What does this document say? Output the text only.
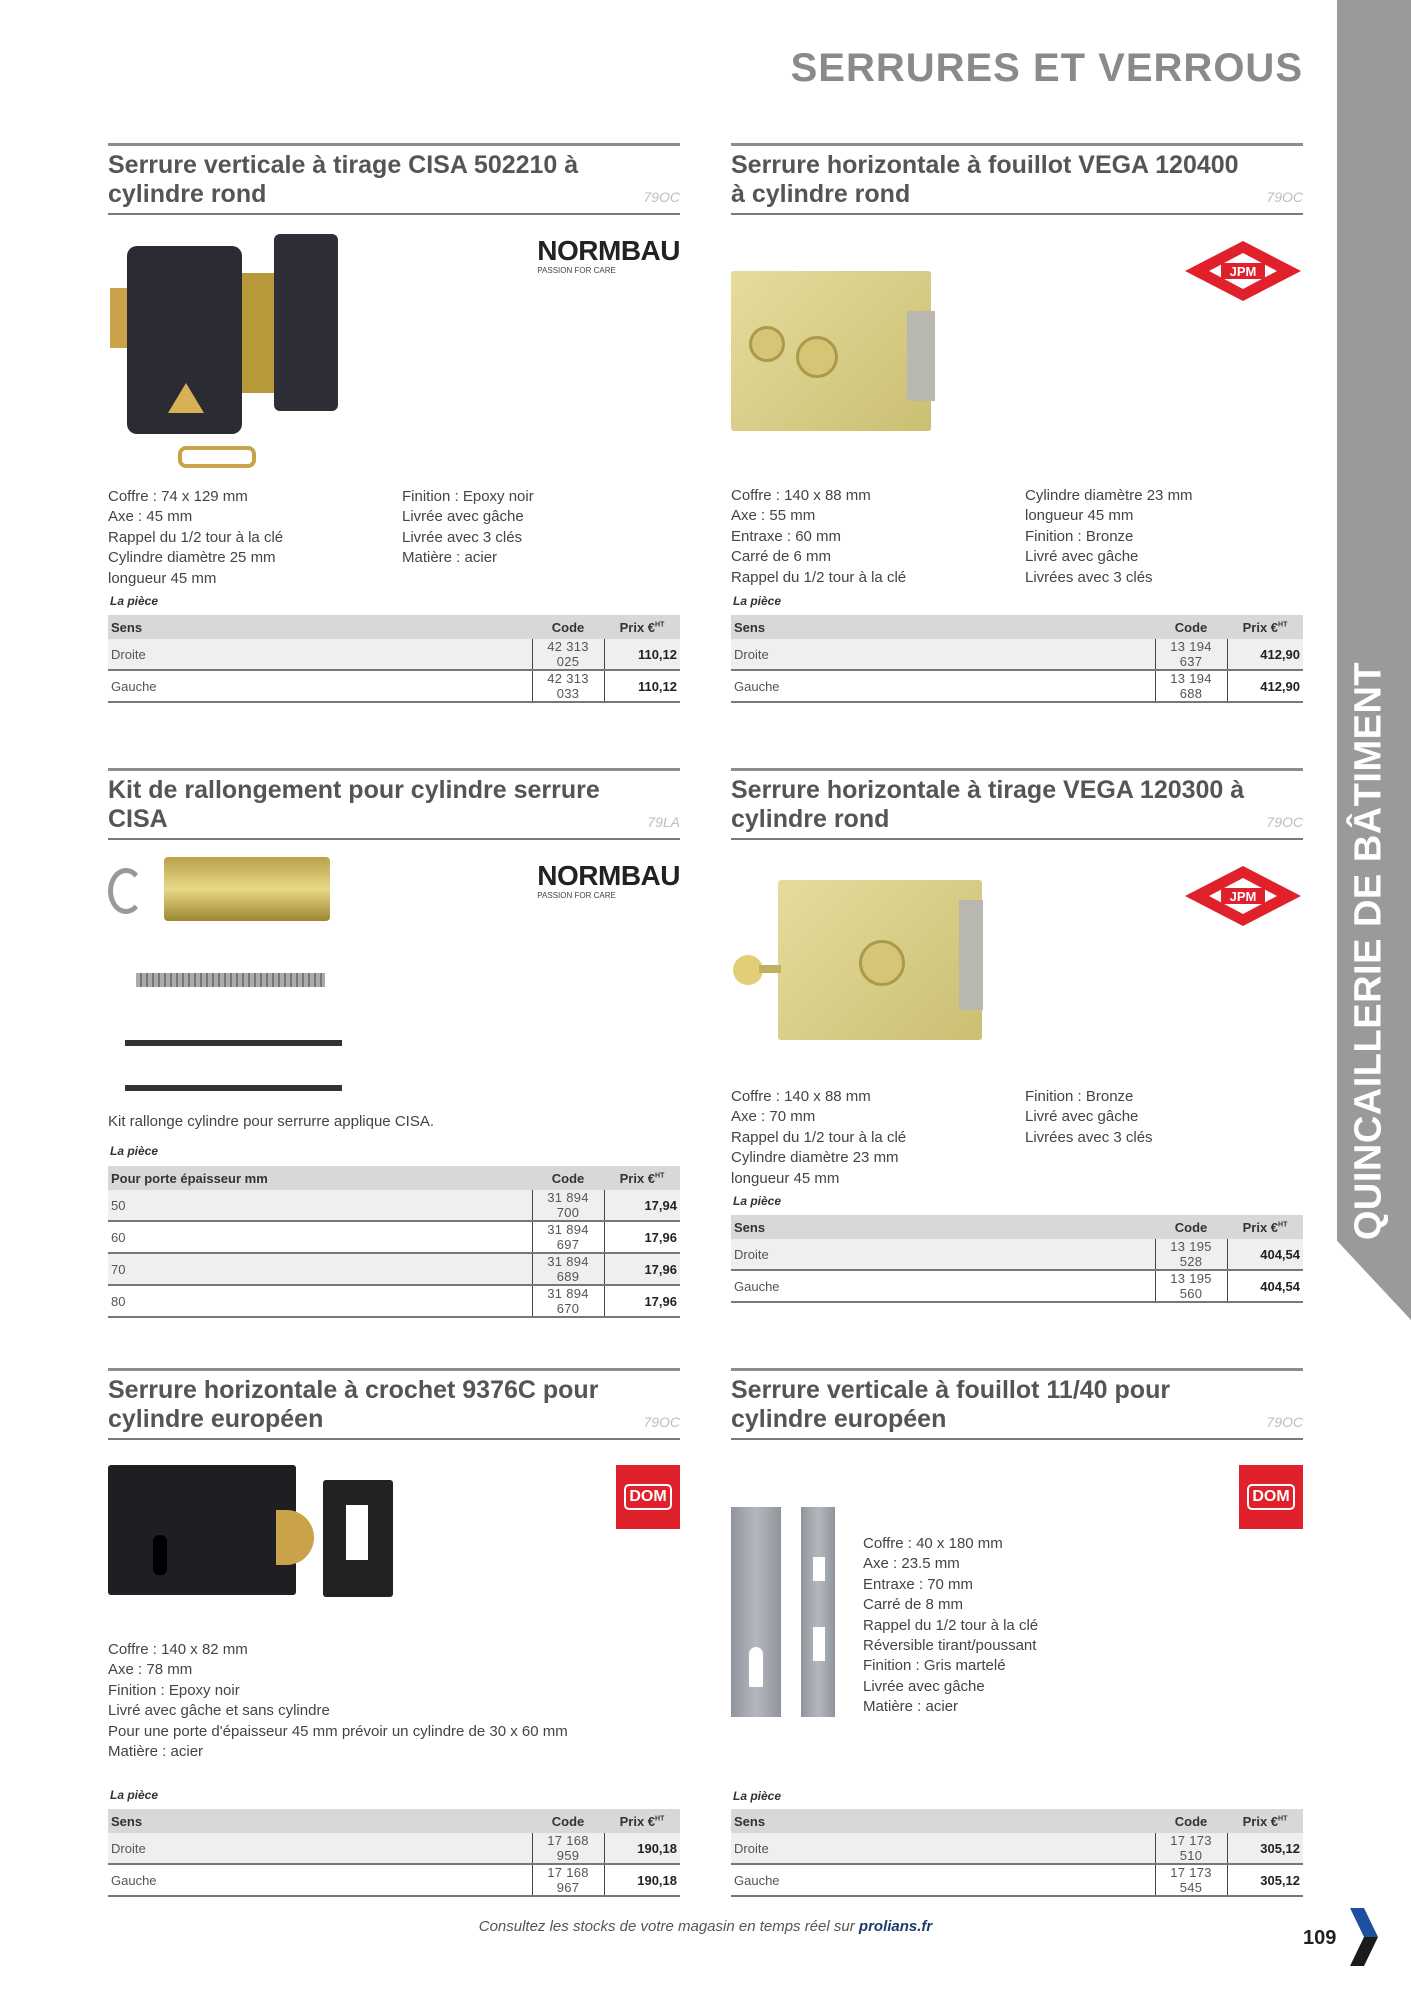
SERRURES ET VERROUS
QUINCAILLERIE DE BÂTIMENT
Serrure verticale à tirage CISA 502210 à cylindre rond	79OC
NORMBAU
PASSION FOR CARE
Coffre : 74 x 129 mm
Axe : 45 mm
Rappel du 1/2 tour à la clé
Cylindre diamètre 25 mm
longueur 45 mm
Finition : Epoxy noir
Livrée avec gâche
Livrée avec 3 clés
Matière : acier
La pièce
Sens	Code	Prix €$^{HT}$
Droite	42 313 025	110,12
Gauche	42 313 033	110,12
Serrure horizontale à fouillot VEGA 120400 à cylindre rond	79OC
JPM
Coffre : 140 x 88 mm
Axe : 55 mm
Entraxe : 60 mm
Carré de 6 mm
Rappel du 1/2 tour à la clé
Cylindre diamètre 23 mm
longueur 45 mm
Finition : Bronze
Livré avec gâche
Livrées avec 3 clés
La pièce
Sens	Code	Prix €$^{HT}$
Droite	13 194 637	412,90
Gauche	13 194 688	412,90
Kit de rallongement pour cylindre serrure CISA	79LA
NORMBAU
PASSION FOR CARE
Kit rallonge cylindre pour serrurre applique CISA.
La pièce
Pour porte épaisseur mm	Code	Prix €$^{HT}$
50	31 894 700	17,94
60	31 894 697	17,96
70	31 894 689	17,96
80	31 894 670	17,96
Serrure horizontale à tirage VEGA 120300 à cylindre rond	79OC
JPM
Coffre : 140 x 88 mm
Axe : 70 mm
Rappel du 1/2 tour à la clé
Cylindre diamètre 23 mm
longueur 45 mm
Finition : Bronze
Livré avec gâche
Livrées avec 3 clés
La pièce
Sens	Code	Prix €$^{HT}$
Droite	13 195 528	404,54
Gauche	13 195 560	404,54
Serrure horizontale à crochet 9376C pour cylindre européen	79OC
DOM
Coffre : 140 x 82 mm
Axe : 78 mm
Finition : Epoxy noir
Livré avec gâche et sans cylindre
Pour une porte d'épaisseur 45 mm prévoir un cylindre de 30 x 60 mm
Matière : acier
La pièce
Sens	Code	Prix €$^{HT}$
Droite	17 168 959	190,18
Gauche	17 168 967	190,18
Serrure verticale à fouillot 11/40 pour cylindre européen	79OC
DOM
Coffre : 40 x 180 mm
Axe : 23.5 mm
Entraxe : 70 mm
Carré de 8 mm
Rappel du 1/2 tour à la clé
Réversible tirant/poussant
Finition : Gris martelé
Livrée avec gâche
Matière : acier
La pièce
Sens	Code	Prix €$^{HT}$
Droite	17 173 510	305,12
Gauche	17 173 545	305,12
Consultez les stocks de votre magasin en temps réel sur prolians.fr
109
